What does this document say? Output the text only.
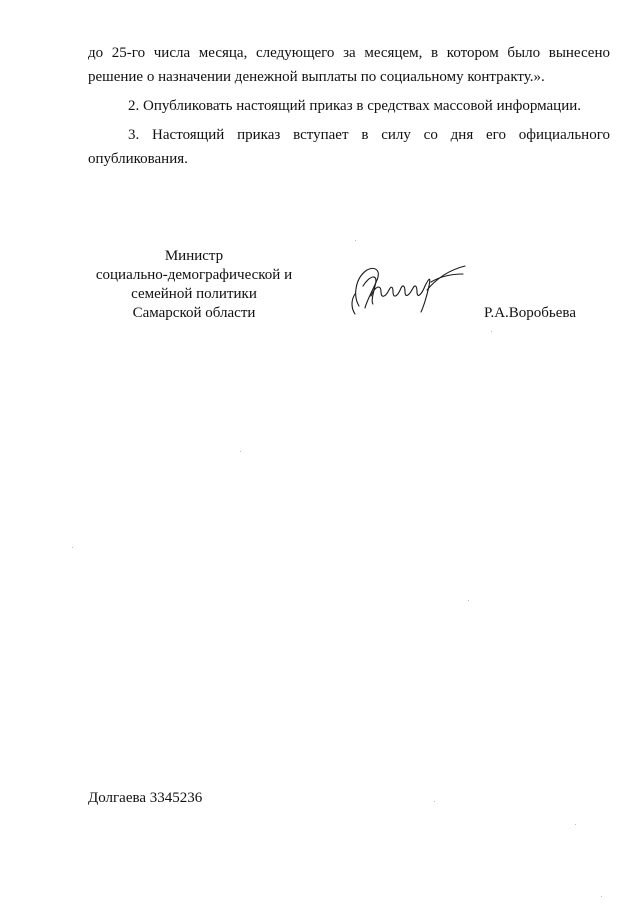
до 25-го числа месяца, следующего за месяцем, в котором было вынесено
решение о назначении денежной выплаты по социальному контракту.».
2. Опубликовать настоящий приказ в средствах массовой информации.
3. Настоящий приказ вступает в силу со дня его официального
опубликования.
Министр
социально-демографической и
семейной политики
Самарской области	Р.А.Воробьева
Долгаева 3345236
